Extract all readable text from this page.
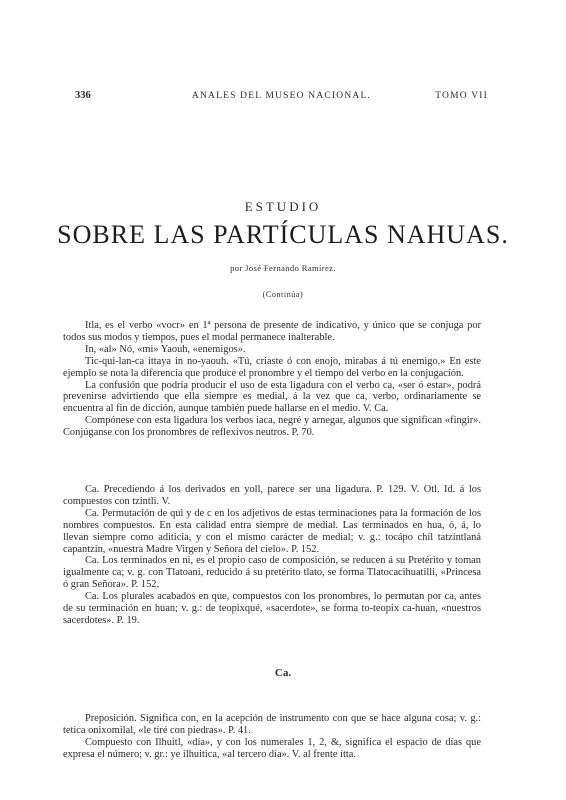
336	ANALES DEL MUSEO NACIONAL.	TOMO VII
ESTUDIO
SOBRE LAS PARTÍCULAS NAHUAS.
por José Fernando Ramírez.
(Continúa)

Itla, es el verbo «vocr» en 1ª persona de presente de indicativo, y único que se conjuga por todos sus modos y tiempos, pues el modal permanece inalterable.

In, «al» Nó, «mi» Yaouh, «enemigos».

Tic-qui-lan-ca ittaya in no-yaouh. «Tú, criaste ó con enojo, mirabas á tú enemigo.» En este ejemplo se nota la diferencia que produce el pronombre y el tiempo del verbo en la conjugación.

La confusión que podría producir el uso de esta ligadura con el verbo ca, «ser ó estar», podrá prevenirse advirtiendo que ella siempre es medial, á la vez que ca, verbo, ordinariamente se encuentra al fin de dicción, aunque también puede hallarse en el medio. V. Ca.

Compónese con esta ligadura los verbos iaca, negré y arnegar, algunos que significan «fingir». Conjúganse con los pronombres de reflexivos neutros. P. 70.

Ca. Precediendo á los derivados en yoll, parece ser una ligadura. P. 129. V. Otl. Id. á los compuestos con tzintli. V.

Ca. Permutación de qui y de c en los adjetivos de estas terminaciones para la formación de los nombres compuestos. En esta calidad entra siempre de medial. Las terminados en hua, ó, á, lo llevan siempre como aditicia, y con el mismo carácter de medial; v. g.: tocápo chíl tatzintlaná capantzin, «nuestra Madre Virgen y Señora del cielo». P. 152.

Ca. Los terminados en ni, es el propio caso de composición, se reducen á su Pretérito y toman igualmente ca; v. g. con Tlatoani, reducido á su pretérito tlato, se forma Tlatocacihuatilli, «Princesa ó gran Señora». P. 152.

Ca. Los plurales acabados en que, compuestos con los pronombres, lo permutan por ca, antes de su terminación en huan; v. g.: de teopixqué, «sacerdote», se forma to-teopix ca-huan, «nuestros sacerdotes». P. 19.

Ca.

Preposición. Significa con, en la acepción de instrumento con que se hace alguna cosa; v. g.: tetica onixomilal, «le tiré con piedras». P. 41.

Compuesto con Ilhuitl, «día», y con los numerales 1, 2, &, significa el espacio de días que expresa el número; v. gr.: ye ilhuitica, «al tercero día». V. al frente ítta.
